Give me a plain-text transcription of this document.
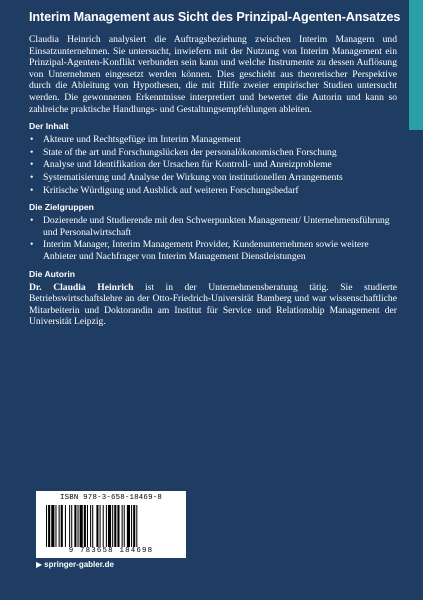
Interim Management aus Sicht des Prinzipal-Agenten-Ansatzes

Claudia Heinrich analysiert die Auftragsbeziehung zwischen Interim Managern und Einsatzunternehmen. Sie untersucht, inwiefern mit der Nutzung von Interim Management ein Prinzipal-Agenten-Konflikt verbunden sein kann und welche Instrumente zu dessen Auflösung von Unternehmen eingesetzt werden können. Dies geschieht aus theoretischer Perspektive durch die Ableitung von Hypothesen, die mit Hilfe zweier empirischer Studien untersucht werden. Die gewonnenen Erkenntnisse interpretiert und bewertet die Autorin und kann so zahlreiche praktische Handlungs- und Gestaltungsempfehlungen ableiten.

Der Inhalt
• Akteure und Rechtsgefüge im Interim Management
• State of the art und Forschungslücken der personalökonomischen Forschung
• Analyse und Identifikation der Ursachen für Kontroll- und Anreizprobleme
• Systematisierung und Analyse der Wirkung von institutionellen Arrangements
• Kritische Würdigung und Ausblick auf weiteren Forschungsbedarf
Die Zielgruppen
• Dozierende und Studierende mit den Schwerpunkten Management/ Unternehmensführung und Personalwirtschaft
• Interim Manager, Interim Management Provider, Kundenunternehmen sowie weitere Anbieter und Nachfrager von Interim Management Dienstleistungen
Die Autorin

Dr. Claudia Heinrich ist in der Unternehmensberatung tätig. Sie studierte Betriebswirtschaftslehre an der Otto-Friedrich-Universität Bamberg und war wissenschaftliche Mitarbeiterin und Doktorandin am Institut für Service und Relationship Management der Universität Leipzig.

ISBN 978-3-658-18469-8
9 783658 184698
▶ springer-gabler.de
